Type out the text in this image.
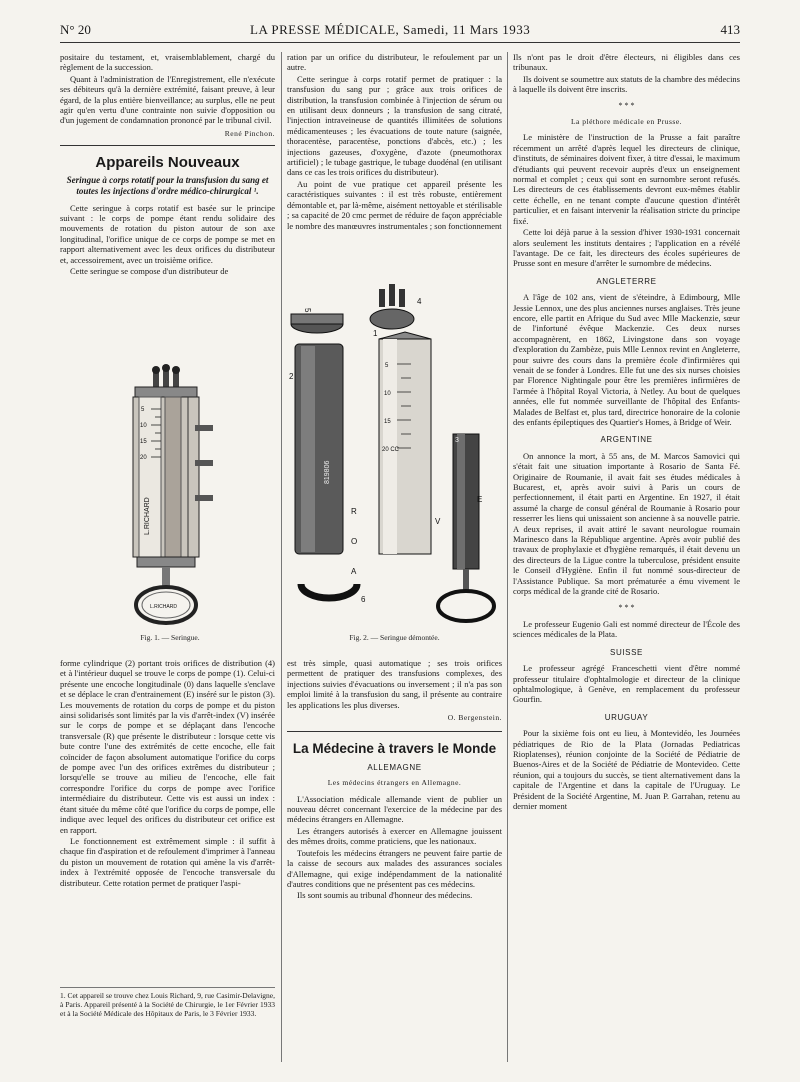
N° 20	LA PRESSE MÉDICALE, Samedi, 11 Mars 1933	413

positaire du testament, et, vraisemblablement, chargé du règlement de la succession.

Quant à l'administration de l'Enregistrement, elle n'exécute ses débiteurs qu'à la dernière extrémité, faisant preuve, à leur égard, de la plus entière bienveillance; au surplus, elle ne peut agir qu'en vertu d'une contrainte non suivie d'opposition ou d'un jugement de condamnation prononcé par le tribunal civil.

René Pinchon.

Appareils Nouveaux
Seringue à corps rotatif pour la transfusion du sang et toutes les injections d'ordre médico-chirurgical ¹.

Cette seringue à corps rotatif est basée sur le principe suivant : le corps de pompe étant rendu solidaire des mouvements de rotation du piston autour de son axe longitudinal, l'orifice unique de ce corps de pompe se met en rapport alternativement avec les deux orifices du distributeur et, accessoirement, avec un troisième orifice.

Cette seringue se compose d'un distributeur de

5
10
15
20
L.RICHARD
L.RICHARD
Fig. 1. — Seringue.

forme cylindrique (2) portant trois orifices de distribution (4) et à l'intérieur duquel se trouve le corps de pompe (1). Celui-ci présente une encoche longitudinale (0) dans laquelle s'enclave et se déplace le cran d'entrainement (E) inséré sur le piston (3). Les mouvements de rotation du corps de pompe et du piston ainsi solidarisés sont limités par la vis d'arrêt-index (V) insérée sur le corps de pompe et se déplaçant dans l'encoche transversale (R) que présente le distributeur : lorsque cette vis bute contre l'une des extrémités de cette encoche, elle fait coïncider de façon absolument automatique l'orifice du corps de pompe avec l'un des orifices extrêmes du distributeur ; lorsqu'elle se trouve au milieu de l'encoche, elle fait correspondre l'orifice du corps de pompe avec l'orifice intermédiaire du distributeur. Cette vis est aussi un index : étant située du même côté que l'orifice du corps de pompe, elle indique avec lequel des orifices du distributeur cet orifice est en rapport.

Le fonctionnement est extrêmement simple : il suffit à chaque fin d'aspiration et de refoulement d'imprimer à l'anneau du piston un mouvement de rotation qui amène la vis d'arrêt-index à l'extrémité opposée de l'encoche transversale du distributeur. Cette rotation permet de pratiquer l'aspi-

1. Cet appareil se trouve chez Louis Richard, 9, rue Casimir-Delavigne, à Paris. Appareil présenté à la Société de Chirurgie, le 1er Février 1933 et à la Société Médicale des Hôpitaux de Paris, le 3 Février 1933.

ration par un orifice du distributeur, le refoulement par un autre.

Cette seringue à corps rotatif permet de pratiquer : la transfusion du sang pur ; grâce aux trois orifices de distribution, la transfusion combinée à l'injection de sérum ou en utilisant deux donneurs ; la transfusion de sang citraté, l'injection intraveineuse de quantités illimitées de solutions médicamenteuses ; les évacuations de toute nature (saignée, thoracentèse, paracentèse, ponctions d'abcès, etc.) ; les injections gazeuses, d'oxygène, d'azote (pneumothorax artificiel) ; le tubage gastrique, le tubage duodénal (en utilisant dans ce cas les trois orifices du distributeur).

Au point de vue pratique cet appareil présente les caractéristiques suivantes : il est très robuste, entièrement démontable et, par là-même, aisément nettoyable et stérilisable ; sa capacité de 20 cmc permet de réduire de façon appréciable le nombre des manœuvres instrumentales ; son fonctionnement

5
4
2
819806
R
O
A
5
10
15
20 CC
1
V
3
E
6
Fig. 2. — Seringue démontée.

est très simple, quasi automatique ; ses trois orifices permettent de pratiquer des transfusions complexes, des injections suivies d'évacuations ou inversement ; il n'a pas son emploi limité à la transfusion du sang, il présente au contraire les applications les plus diverses.

O. Bergenstein.

La Médecine à travers le Monde
ALLEMAGNE
Les médecins étrangers en Allemagne.

L'Association médicale allemande vient de publier un nouveau décret concernant l'exercice de la médecine par des médecins étrangers en Allemagne.

Les étrangers autorisés à exercer en Allemagne jouissent des mêmes droits, comme praticiens, que les nationaux.

Toutefois les médecins étrangers ne peuvent faire partie de la caisse de secours aux malades des assurances sociales d'Allemagne, qui exige indépendamment de la nationalité d'autres conditions que ne présentent pas ces médecins.

Ils sont soumis au tribunal d'honneur des médecins.

Ils n'ont pas le droit d'être électeurs, ni éligibles dans ces tribunaux.

Ils doivent se soumettre aux statuts de la chambre des médecins à laquelle ils doivent être inscrits.

* * *
La pléthore médicale en Prusse.

Le ministère de l'instruction de la Prusse a fait paraître récemment un arrêté d'après lequel les directeurs de clinique, d'instituts, de séminaires doivent fixer, à titre d'essai, le maximum d'étudiants qui peuvent recevoir auprès d'eux un enseignement normal et complet ; ceux qui sont en surnombre seront refusés. Les directeurs de ces établissements devront eux-mêmes établir cette échelle, en ne tenant compte d'aucune question d'intérêt particulier, et en faisant intervenir la réalisation stricte du principe fixé.

Cette loi déjà parue à la session d'hiver 1930-1931 concernait alors seulement les instituts dentaires ; l'application en a révélé l'avantage. De ce fait, les directeurs des écoles supérieures de Prusse sont en mesure d'arrêter le surnombre de médecins.

ANGLETERRE

A l'âge de 102 ans, vient de s'éteindre, à Edimbourg, Mlle Jessie Lennox, une des plus anciennes nurses anglaises. Très jeune encore, elle partit en Afrique du Sud avec Mlle Mackenzie, sœur de l'infortuné évêque Mackenzie. Ces deux nurses accompagnèrent, en 1862, Livingstone dans son voyage d'exploration du Zambèze, puis Mlle Lennox revint en Angleterre, pour suivre des cours dans la première école d'infirmières qui venait de se fonder à Londres. Elle fut une des six nurses choisies par Florence Nightingale pour être les premières infirmières de l'armée à l'hôpital Royal Victoria, à Netley. Au bout de quelques années, elle fut nommée surveillante de l'hôpital des Enfants-Malades de Belfast et, plus tard, directrice honoraire de la colonie des enfants épileptiques des Quartier's Homes, à Bridge of Weir.

ARGENTINE

On annonce la mort, à 55 ans, de M. Marcos Samovici qui s'était fait une situation importante à Rosario de Santa Fé. Originaire de Roumanie, il avait fait ses études médicales à Bucarest, et, après avoir suivi à Paris un cours de perfectionnement, il était parti en Argentine. En 1927, il était assumé la charge de consul général de Roumanie à Rosario pour resserrer les liens qui unissaient son ancienne à sa nouvelle patrie. A deux reprises, il avait attiré le savant neurologue roumain Marinesco dans la République argentine. Après avoir publié des travaux de prophylaxie et d'hygiène remarqués, il était devenu un des directeurs de la Ligue contre la tuberculose, président ensuite le Conseil d'Hygiène. Enfin il fut nommé sous-directeur de l'Assistance Publique. Sa mort prématurée a ému vivement le corps médical de la grande cité de Rosario.

* * *

Le professeur Eugenio Gali est nommé directeur de l'École des sciences médicales de la Plata.

SUISSE

Le professeur agrégé Franceschetti vient d'être nommé professeur titulaire d'ophtalmologie et directeur de la clinique ophtalmologique, à Genève, en remplacement du professeur Gourfin.

URUGUAY

Pour la sixième fois ont eu lieu, à Montevidéo, les Journées pédiatriques de Rio de la Plata (Jornadas Pediatricas Rioplatenses), réunion conjointe de la Société de Pédiatrie de Buenos-Aires et de la Société de Pédiatrie de Montevideo. Cette réunion, qui a toujours du succès, se tient alternativement dans la capitale de l'Argentine et dans la capitale de l'Uruguay. Le Président de la Société Argentine, M. Juan P. Garrahan, retenu au dernier moment
